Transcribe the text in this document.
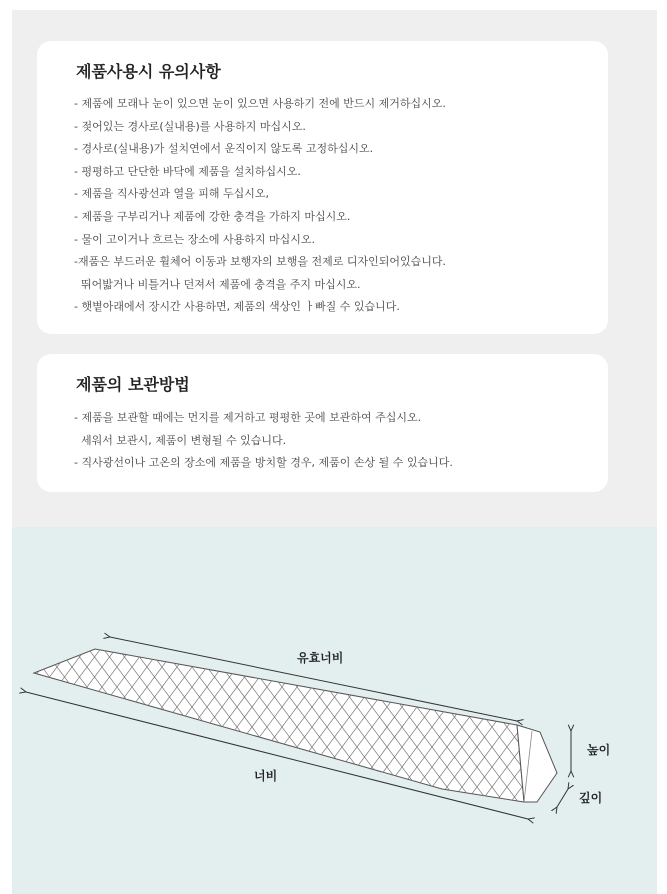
제품사용시 유의사항
- 제품에 모래나 눈이 있으면 눈이 있으면 사용하기 전에 반드시 제거하십시오.
- 젖어있는 경사로(실내용)를 사용하지 마십시오.
- 경사로(실내용)가 설치연에서 운직이지 않도록 고정하십시오.
- 평평하고 단단한 바닥에 제품을 설치하십시오.
- 제품을 직사광선과 열을 피해 두십시오,
- 제품을 구부리거나 제품에 강한 충격을 가하지 마십시오.
- 물이 고이거나 흐르는 장소에 사용하지 마십시오.
-재품은 부드러운 휠체어 이동과 보행자의 보행을 전제로 디자인되어있습니다.
뛰어밟거나 비틀거나 던져서 제품에 충격을 주지 마십시오.
- 햇볕아래에서 장시간 사용하면, 제품의 색상인 ㅏ빠질 수 있습니다.
제품의 보관방법
- 제품을 보관할 때에는 먼지를 제거하고 평평한 곳에 보관하여 주십시오.
세워서 보관시, 제품이 변형될 수 있습니다.
- 직사광선이나 고온의 장소에 제품을 방치할 경우, 제품이 손상 될 수 있습니다.
유효너비
너비
높이
깊이
